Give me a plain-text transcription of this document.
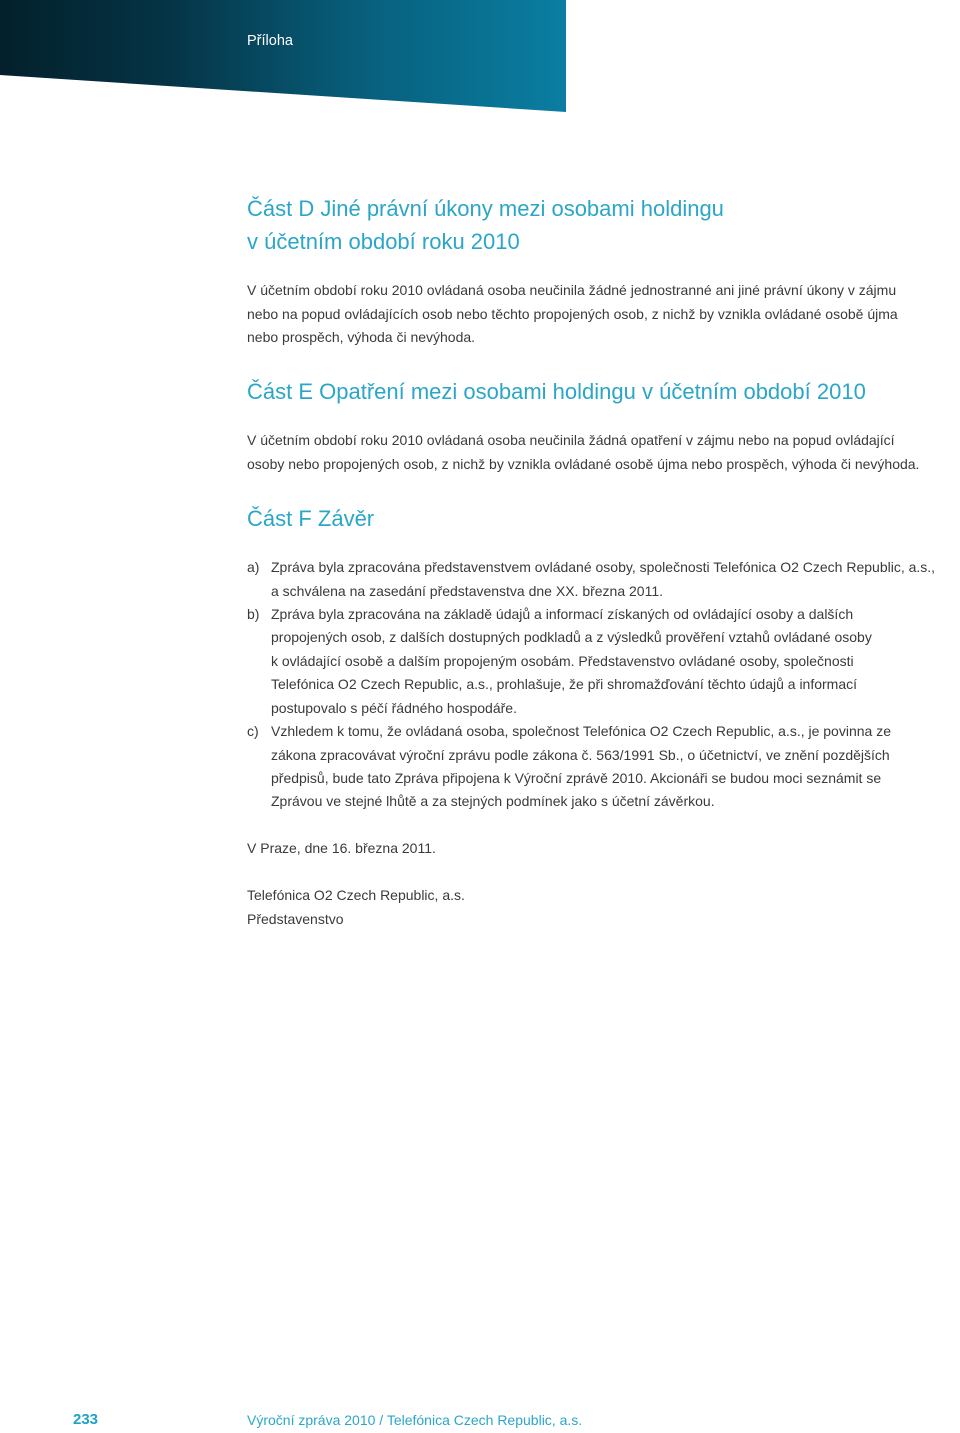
Příloha
Část D Jiné právní úkony mezi osobami holdingu
v účetním období roku 2010

V účetním období roku 2010 ovládaná osoba neučinila žádné jednostranné ani jiné právní úkony v zájmu
nebo na popud ovládajících osob nebo těchto propojených osob, z nichž by vznikla ovládané osobě újma
nebo prospěch, výhoda či nevýhoda.

Část E Opatření mezi osobami holdingu v účetním období 2010

V účetním období roku 2010 ovládaná osoba neučinila žádná opatření v zájmu nebo na popud ovládající
osoby nebo propojených osob, z nichž by vznikla ovládané osobě újma nebo prospěch, výhoda či nevýhoda.

Část F Závěr
a) Zpráva byla zpracována představenstvem ovládané osoby, společnosti Telefónica O2 Czech Republic, a.s.,
a schválena na zasedání představenstva dne XX. března 2011.
b) Zpráva byla zpracována na základě údajů a informací získaných od ovládající osoby a dalších
propojených osob, z dalších dostupných podkladů a z výsledků prověření vztahů ovládané osoby
k ovládající osobě a dalším propojeným osobám. Představenstvo ovládané osoby, společnosti
Telefónica O2 Czech Republic, a.s., prohlašuje, že při shromažďování těchto údajů a informací
postupovalo s péčí řádného hospodáře.
c) Vzhledem k tomu, že ovládaná osoba, společnost Telefónica O2 Czech Republic, a.s., je povinna ze
zákona zpracovávat výroční zprávu podle zákona č. 563/1991 Sb., o účetnictví, ve znění pozdějších
předpisů, bude tato Zpráva připojena k Výroční zprávě 2010. Akcionáři se budou moci seznámit se
Zprávou ve stejné lhůtě a za stejných podmínek jako s účetní závěrkou.
V Praze, dne 16. března 2011.
Telefónica O2 Czech Republic, a.s.
Představenstvo
233	Výroční zpráva 2010 / Telefónica Czech Republic, a.s.
